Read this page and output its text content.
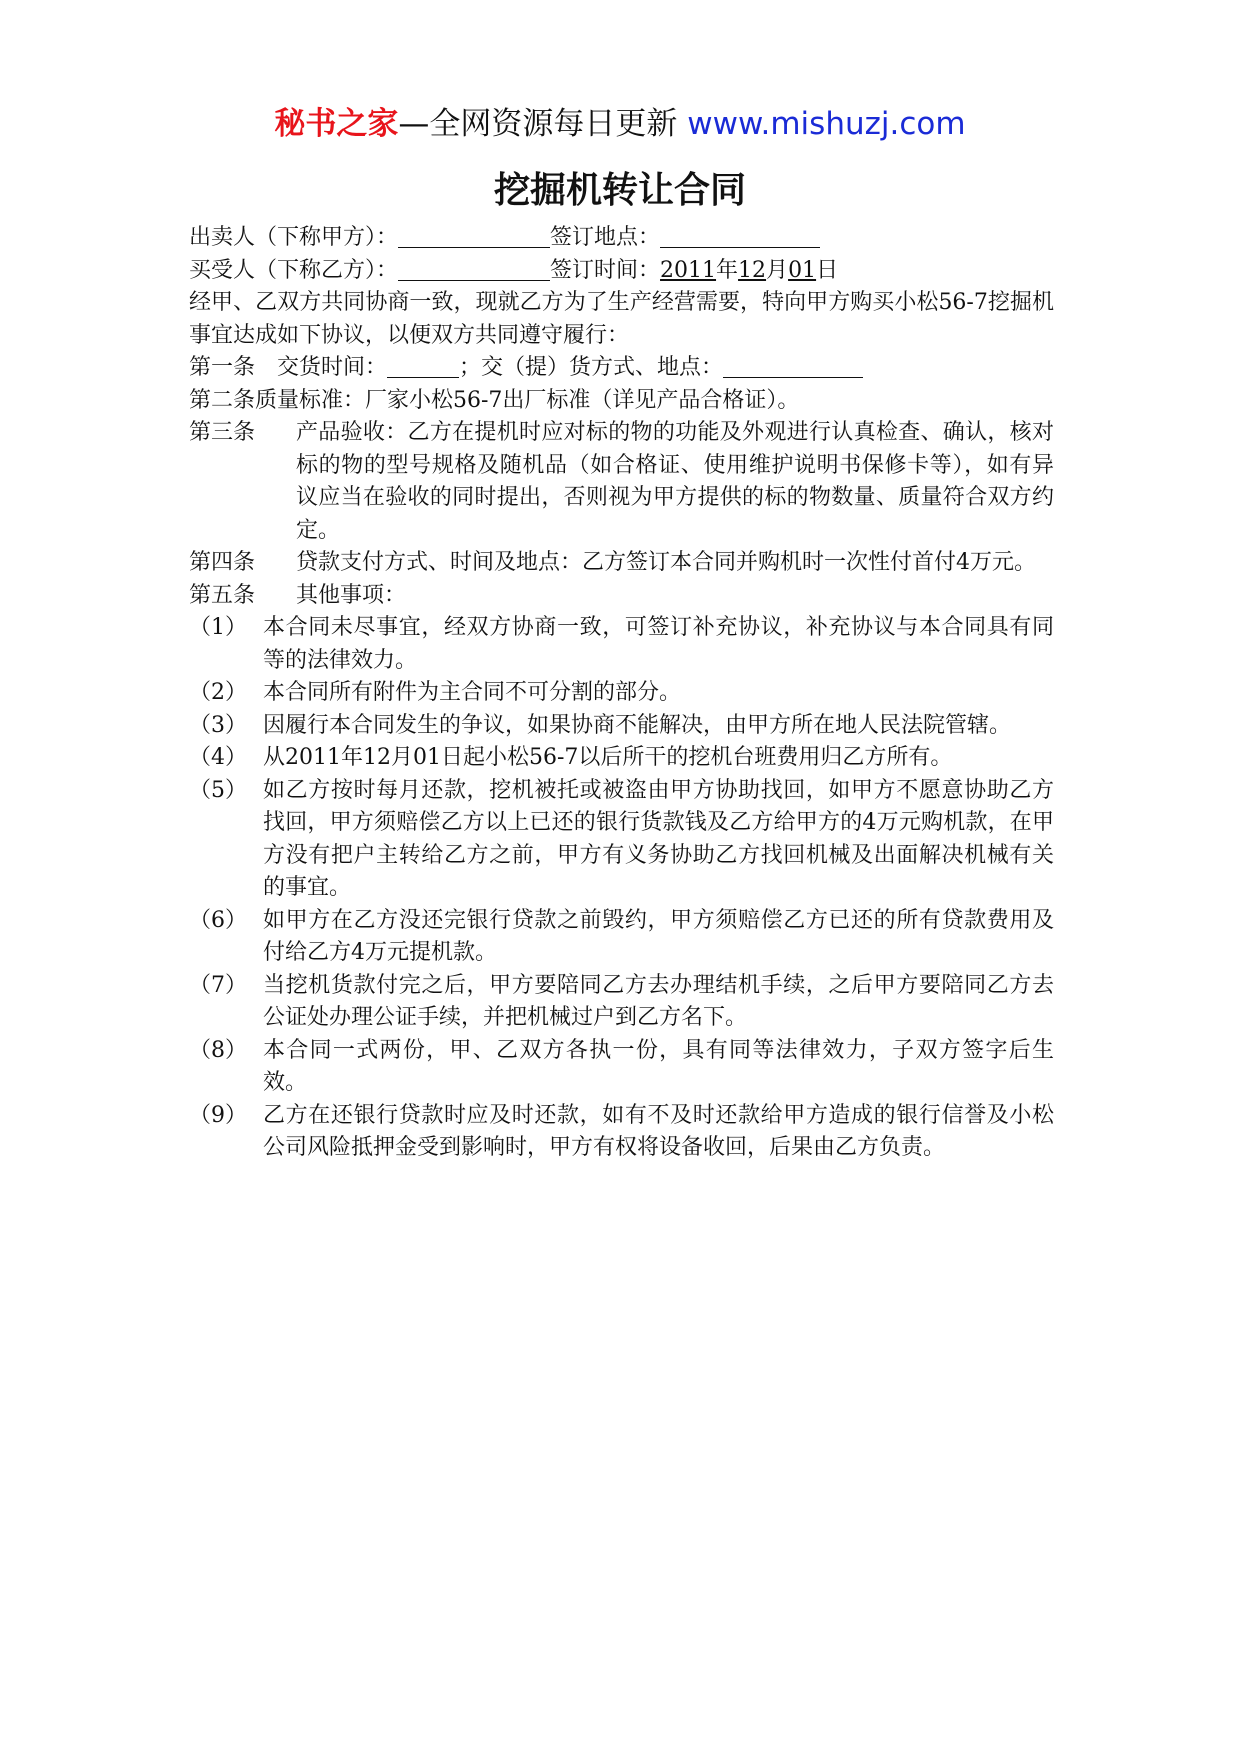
秘书之家—全网资源每日更新 www.mishuzj.com
挖掘机转让合同
出卖人（下称甲方）：	签订地点：
买受人（下称乙方）：	签订时间：2011年12月01日
经甲、乙双方共同协商一致，现就乙方为了生产经营需要，特向甲方购买小松56-7挖掘机事宜达成如下协议，以便双方共同遵守履行：
第一条　交货时间：	；交（提）货方式、地点：
第二条质量标准：厂家小松56-7出厂标准（详见产品合格证）。
第三条	产品验收：乙方在提机时应对标的物的功能及外观进行认真检查、确认，核对标的物的型号规格及随机品（如合格证、使用维护说明书保修卡等），如有异议应当在验收的同时提出，否则视为甲方提供的标的物数量、质量符合双方约定。
第四条	贷款支付方式、时间及地点：乙方签订本合同并购机时一次性付首付4万元。
第五条	其他事项：
（1） 本合同未尽事宜，经双方协商一致，可签订补充协议，补充协议与本合同具有同等的法律效力。
（2） 本合同所有附件为主合同不可分割的部分。
（3） 因履行本合同发生的争议，如果协商不能解决，由甲方所在地人民法院管辖。
（4） 从2011年12月01日起小松56-7以后所干的挖机台班费用归乙方所有。
（5） 如乙方按时每月还款，挖机被托或被盗由甲方协助找回，如甲方不愿意协助乙方找回，甲方须赔偿乙方以上已还的银行货款钱及乙方给甲方的4万元购机款，在甲方没有把户主转给乙方之前，甲方有义务协助乙方找回机械及出面解决机械有关的事宜。
（6） 如甲方在乙方没还完银行贷款之前毁约，甲方须赔偿乙方已还的所有贷款费用及付给乙方4万元提机款。
（7） 当挖机货款付完之后，甲方要陪同乙方去办理结机手续，之后甲方要陪同乙方去公证处办理公证手续，并把机械过户到乙方名下。
（8） 本合同一式两份，甲、乙双方各执一份，具有同等法律效力，子双方签字后生效。
（9） 乙方在还银行贷款时应及时还款，如有不及时还款给甲方造成的银行信誉及小松公司风险抵押金受到影响时，甲方有权将设备收回，后果由乙方负责。
